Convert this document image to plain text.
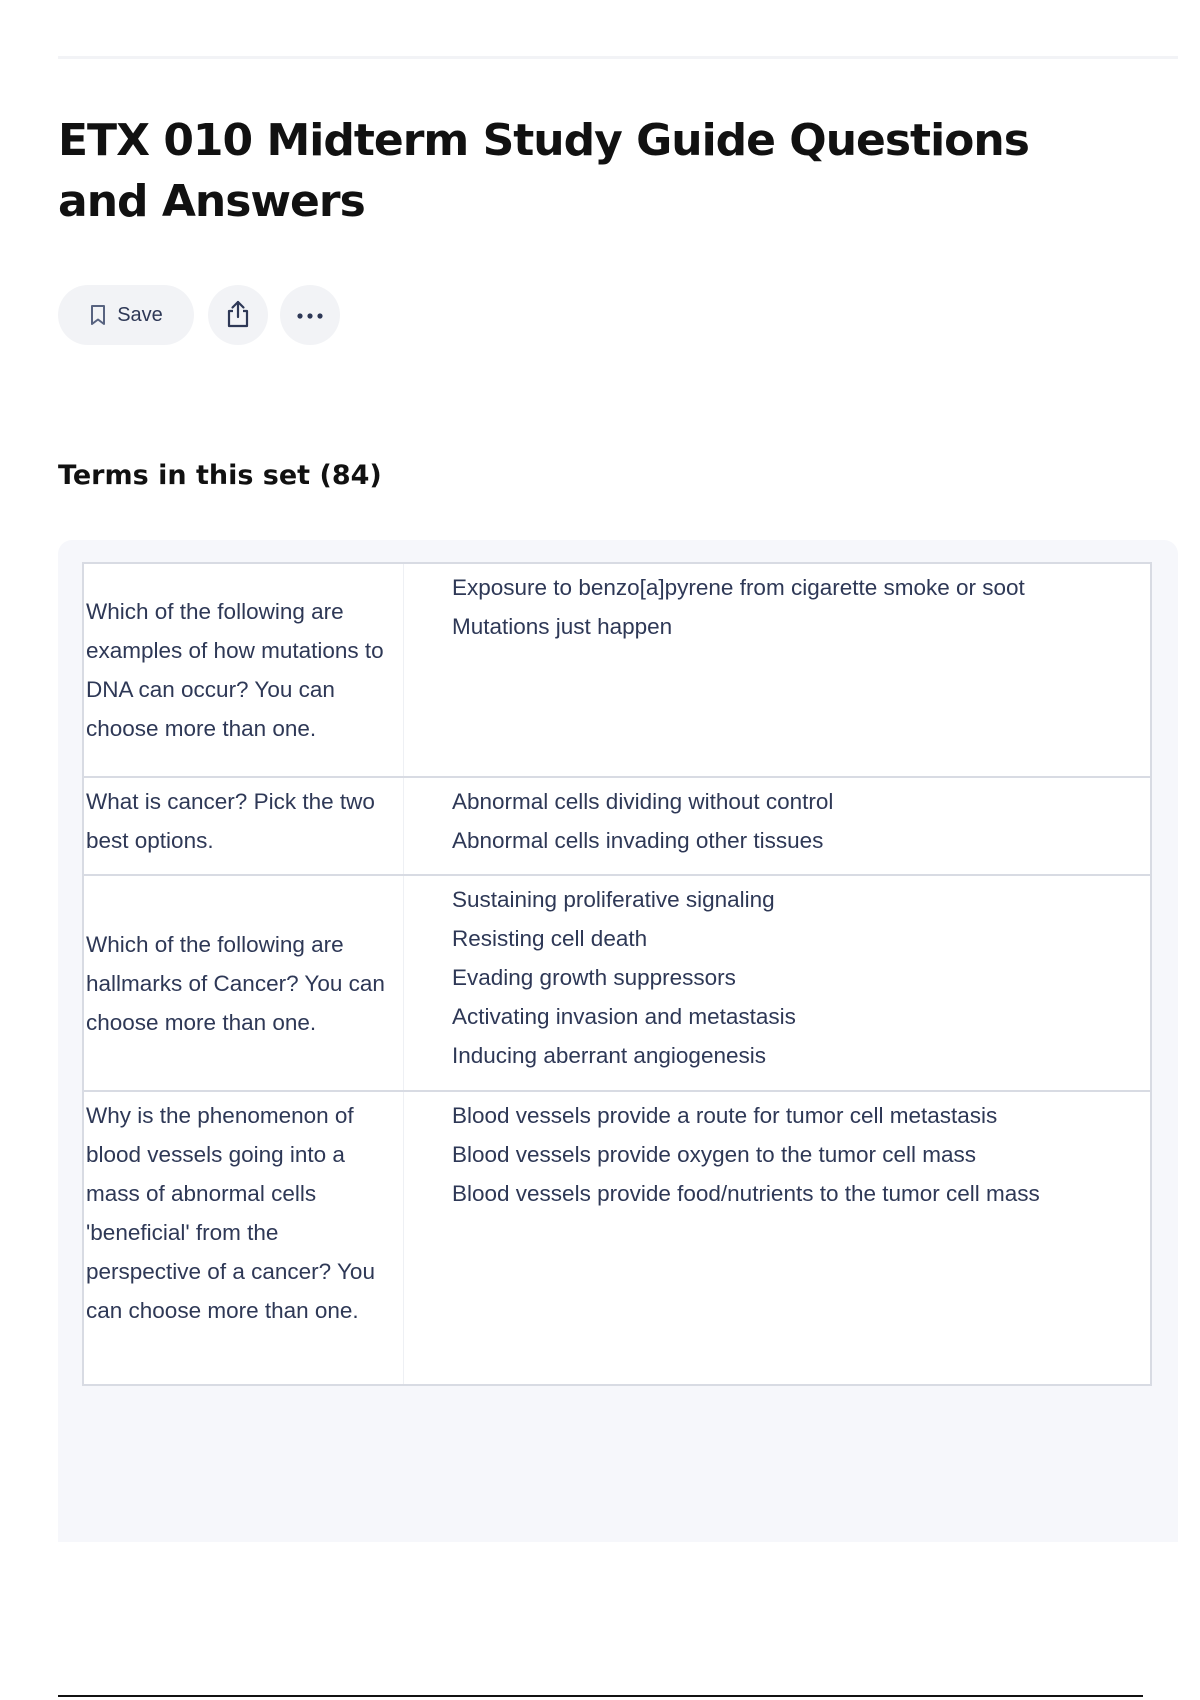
ETX 010 Midterm Study Guide Questions and Answers
Save
Terms in this set (84)
Which of the following are examples of how mutations to DNA can occur? You can choose more than one.
Exposure to benzo[a]pyrene from cigarette smoke or soot
Mutations just happen
What is cancer? Pick the two best options.
Abnormal cells dividing without control
Abnormal cells invading other tissues
Which of the following are hallmarks of Cancer? You can choose more than one.
Sustaining proliferative signaling
Resisting cell death
Evading growth suppressors
Activating invasion and metastasis
Inducing aberrant angiogenesis
Why is the phenomenon of blood vessels going into a mass of abnormal cells 'beneficial' from the perspective of a cancer? You can choose more than one.
Blood vessels provide a route for tumor cell metastasis
Blood vessels provide oxygen to the tumor cell mass
Blood vessels provide food/nutrients to the tumor cell mass
